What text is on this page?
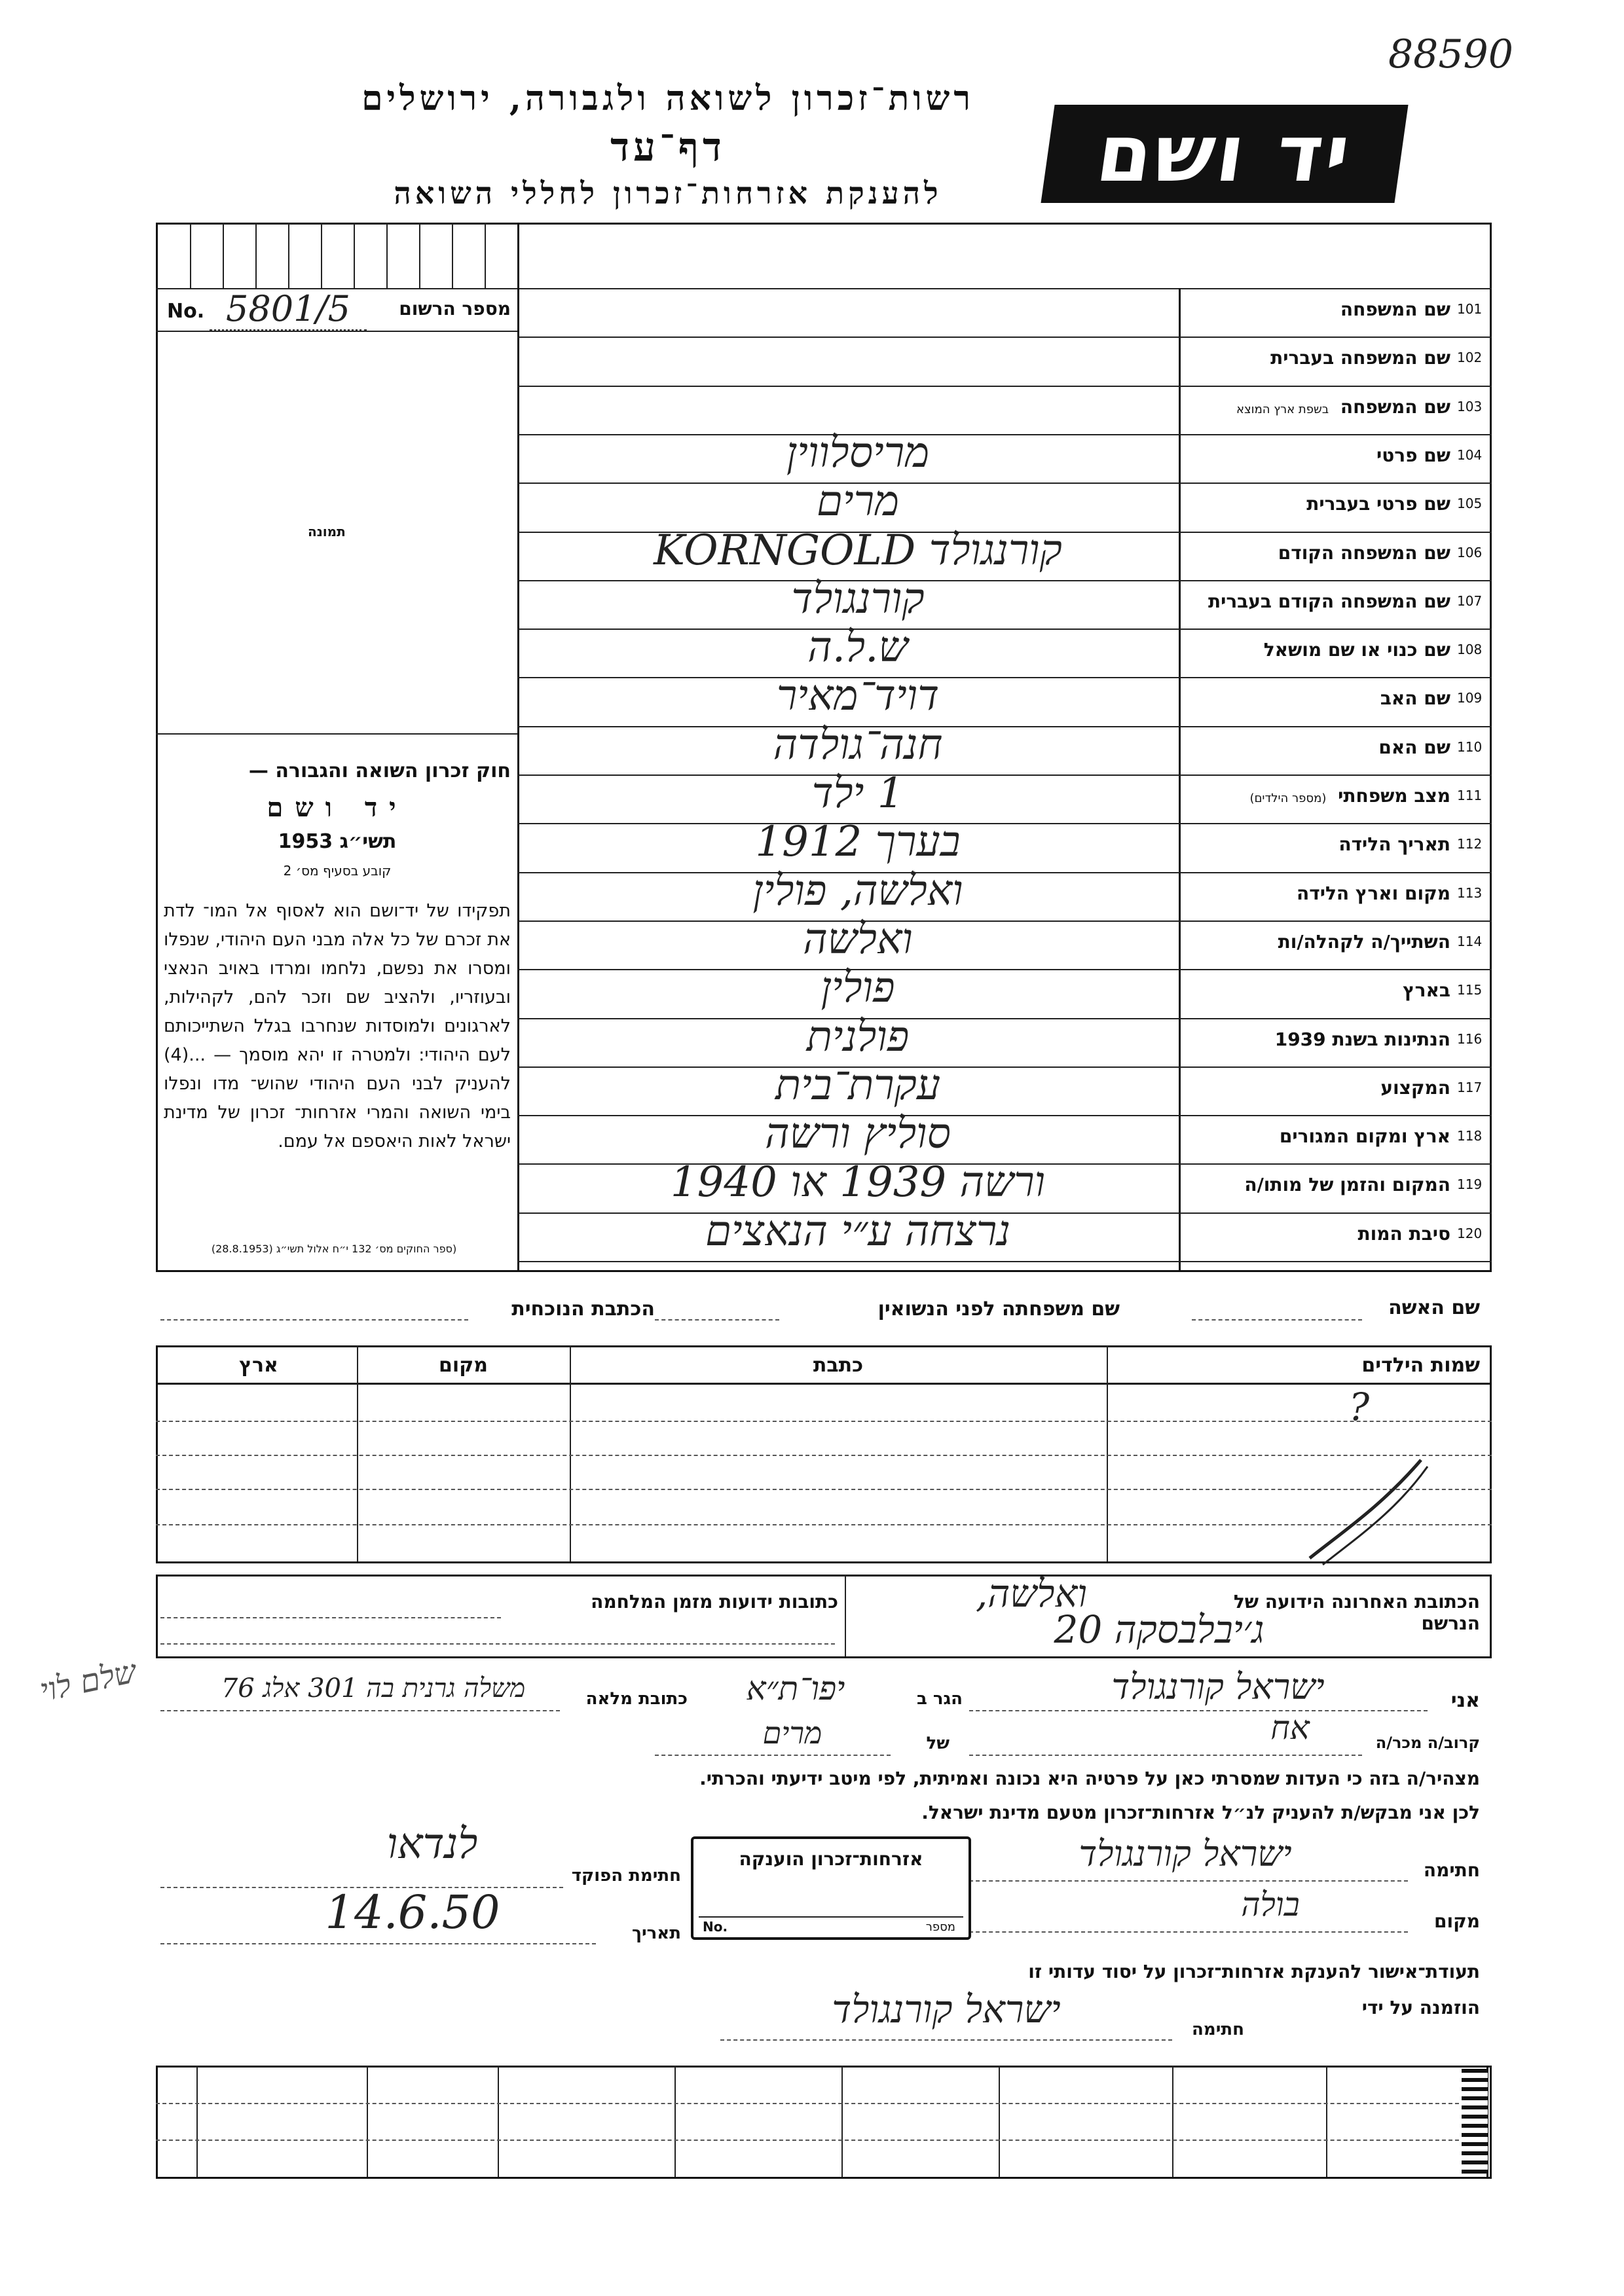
88590
רשות־זכרון לשואה ולגבורה, ירושלים
דף־עד
להענקת אזרחות־זכרון לחללי השואה	יד ושם
מספר הרשום
No. 5801/5
תמונה
חוק זכרון השואה והגבורה —
יד ושם
תשי״ג 1953
קובע בסעיף מס׳ 2
תפקידו של יד־ושם הוא לאסוף אל המו־ לדת את זכרם של כל אלה מבני העם היהודי, שנפלו ומסרו את נפשם, נלחמו ומרדו באויב הנאצי ובעוזריו, ולהציב שם וזכר להם, לקהילות, לארגונים ולמוסדות שנחרבו בגלל השתייכותם לעם היהודי: ולמטרה זו יהא מוסמך — ...(4) להעניק לבני העם היהודי שהוש־ מדו ונפלו בימי השואה והמרי אזרחות־ זכרון של מדינת ישראל לאות היאספם אל עמם.
(ספר החוקים מס׳ 132 י״ח אלול תשי״ג (28.8.1953)
101
שם המשפחה
102
שם המשפחה בעברית
103
שם המשפחה בשפת ארץ המוצא
104
שם פרטי
מריסלווין
105
שם פרטי בעברית
מרים
106
שם המשפחה הקודם
קורנגולד KORNGOLD
107
שם המשפחה הקודם בעברית
קורנגולד
108
שם כנוי או שם מושאל
ש.ל.ה
109
שם האב
דויד־מאיר
110
שם האם
חנה־גולדה
111
מצב משפחתי (מספר הילדים)
1 ילד
112
תאריך הלידה
בערך 1912
113
מקום וארץ הלידה
ואלשה, פולין
114
השתייך/ה לקהלה/ות
ואלשה
115
בארץ
פולין
116
הנתינות בשנת 1939
פולנית
117
המקצוע
עקרת־בית
118
ארץ ומקום המגורים
סוליץ ורשה
119
המקום והזמן של מותו/ה
ורשה 1939 או 1940
120
סיבת המות
נרצחה ע״י הנאצים
שם האשה
שם משפחתה לפני הנשואין
הכתבת הנוכחית
שמות הילדים
כתבת
מקום
ארץ
?
הכתובת האחרונה הידועה של הנרשם
ואלשה,
ג׳יבלבסקה 20
כתובות ידועות מזמן המלחמה
אני
ישראל קורנגולד
הגר ב
יפו־ת״א
כתובת מלאה
משלה גרנית בה 301 אלג 76
קרוב/ה מכר/ה
אח
של
מרים
מצהיר/ה בזה כי העדות שמסרתי כאן על פרטיה היא נכונה ואמיתית, לפי מיטב ידיעתי והכרתי.
לכן אני מבקש/ת להעניק לנ״ל אזרחות־זכרון מטעם מדינת ישראל.
חתימה
ישראל קורנגולד
מקום
בולה
אזרחות־זכרון הוענקה
מספר
No.
חתימת הפוקד
לנדאו
תאריך
14.6.50
תעודת־אישור להענקת אזרחות־זכרון על יסוד עדותי זו
הוזמנה על ידי
חתימה
ישראל קורנגולד
שלם לוי
